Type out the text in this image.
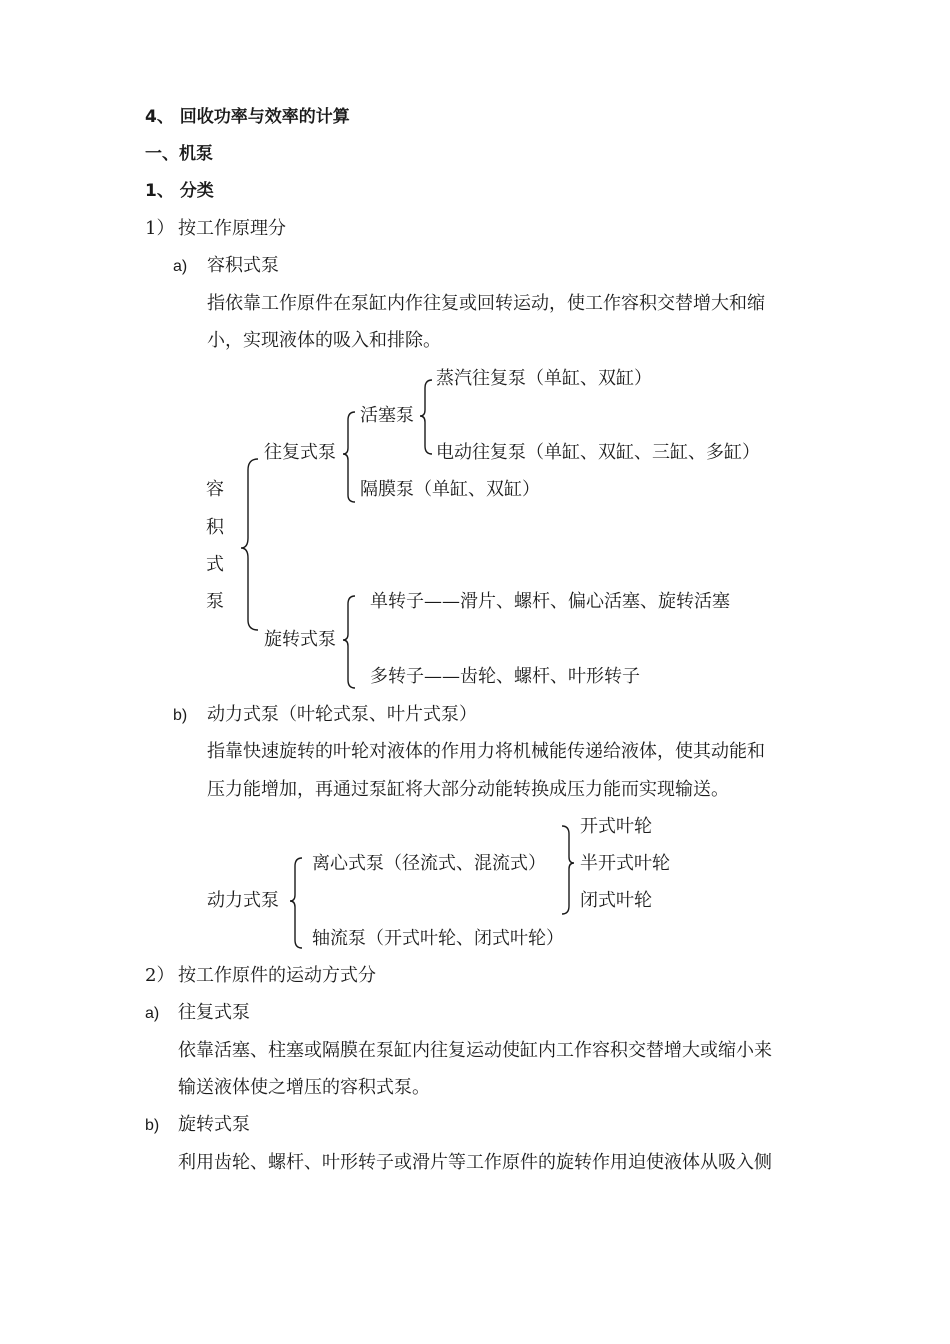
4、 回收功率与效率的计算
一、机泵
1、 分类
1） 按工作原理分
a) 容积式泵
指依靠工作原件在泵缸内作往复或回转运动，使工作容积交替增大和缩
小，实现液体的吸入和排除。
容
积
式
泵
往复式泵
活塞泵
蒸汽往复泵（单缸、双缸）
电动往复泵（单缸、双缸、三缸、多缸）
隔膜泵（单缸、双缸）
旋转式泵
单转子——滑片、螺杆、偏心活塞、旋转活塞
多转子——齿轮、螺杆、叶形转子
b) 动力式泵（叶轮式泵、叶片式泵）
指靠快速旋转的叶轮对液体的作用力将机械能传递给液体，使其动能和
压力能增加，再通过泵缸将大部分动能转换成压力能而实现输送。
动力式泵
离心式泵（径流式、混流式）
开式叶轮
半开式叶轮
闭式叶轮
轴流泵（开式叶轮、闭式叶轮）
2） 按工作原件的运动方式分
a) 往复式泵
依靠活塞、柱塞或隔膜在泵缸内往复运动使缸内工作容积交替增大或缩小来
输送液体使之增压的容积式泵。
b) 旋转式泵
利用齿轮、螺杆、叶形转子或滑片等工作原件的旋转作用迫使液体从吸入侧
